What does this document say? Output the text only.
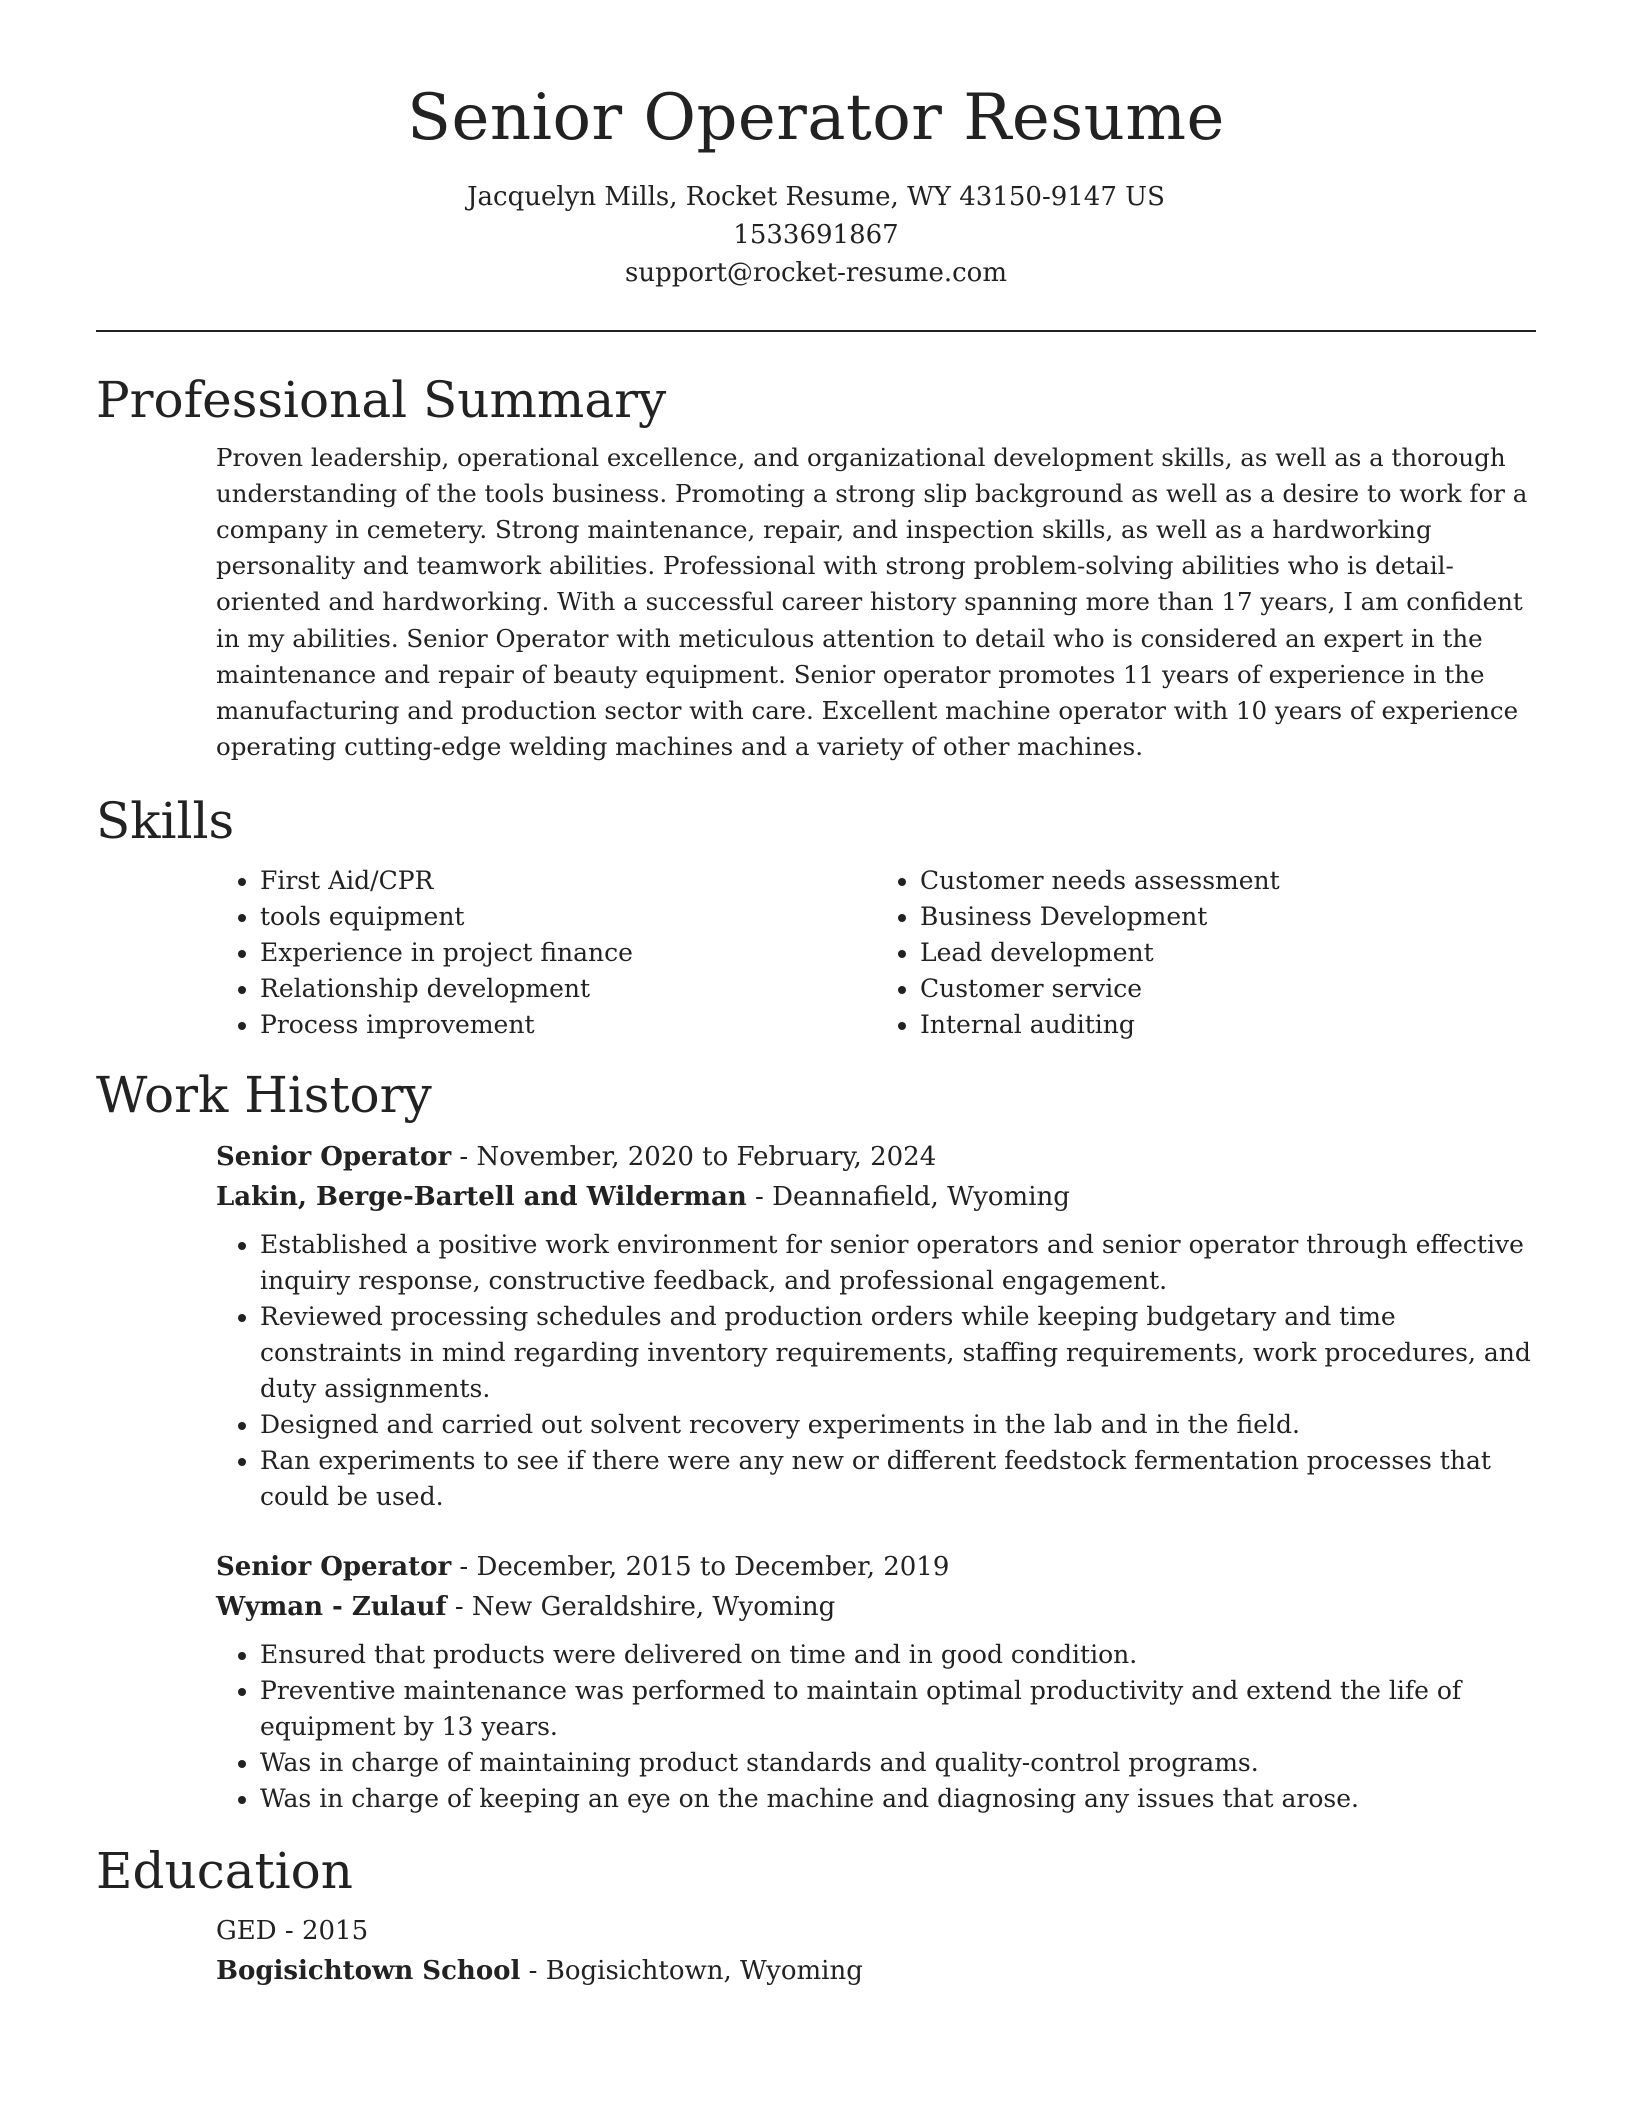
Senior Operator Resume
Jacquelyn Mills, Rocket Resume, WY 43150-9147 US
1533691867
support@rocket-resume.com
Professional Summary
Proven leadership, operational excellence, and organizational development skills, as well as a thorough understanding of the tools business. Promoting a strong slip background as well as a desire to work for a company in cemetery. Strong maintenance, repair, and inspection skills, as well as a hardworking personality and teamwork abilities. Professional with strong problem-solving abilities who is detail-oriented and hardworking. With a successful career history spanning more than 17 years, I am confident in my abilities. Senior Operator with meticulous attention to detail who is considered an expert in the maintenance and repair of beauty equipment. Senior operator promotes 11 years of experience in the manufacturing and production sector with care. Excellent machine operator with 10 years of experience operating cutting-edge welding machines and a variety of other machines.
Skills
• First Aid/CPR
• tools equipment
• Experience in project finance
• Relationship development
• Process improvement
• Customer needs assessment
• Business Development
• Lead development
• Customer service
• Internal auditing
Work History
Senior Operator - November, 2020 to February, 2024
Lakin, Berge-Bartell and Wilderman - Deannafield, Wyoming
• Established a positive work environment for senior operators and senior operator through effective inquiry response, constructive feedback, and professional engagement.
• Reviewed processing schedules and production orders while keeping budgetary and time constraints in mind regarding inventory requirements, staffing requirements, work procedures, and duty assignments.
• Designed and carried out solvent recovery experiments in the lab and in the field.
• Ran experiments to see if there were any new or different feedstock fermentation processes that could be used.
Senior Operator - December, 2015 to December, 2019
Wyman - Zulauf - New Geraldshire, Wyoming
• Ensured that products were delivered on time and in good condition.
• Preventive maintenance was performed to maintain optimal productivity and extend the life of equipment by 13 years.
• Was in charge of maintaining product standards and quality-control programs.
• Was in charge of keeping an eye on the machine and diagnosing any issues that arose.
Education
GED - 2015
Bogisichtown School - Bogisichtown, Wyoming
